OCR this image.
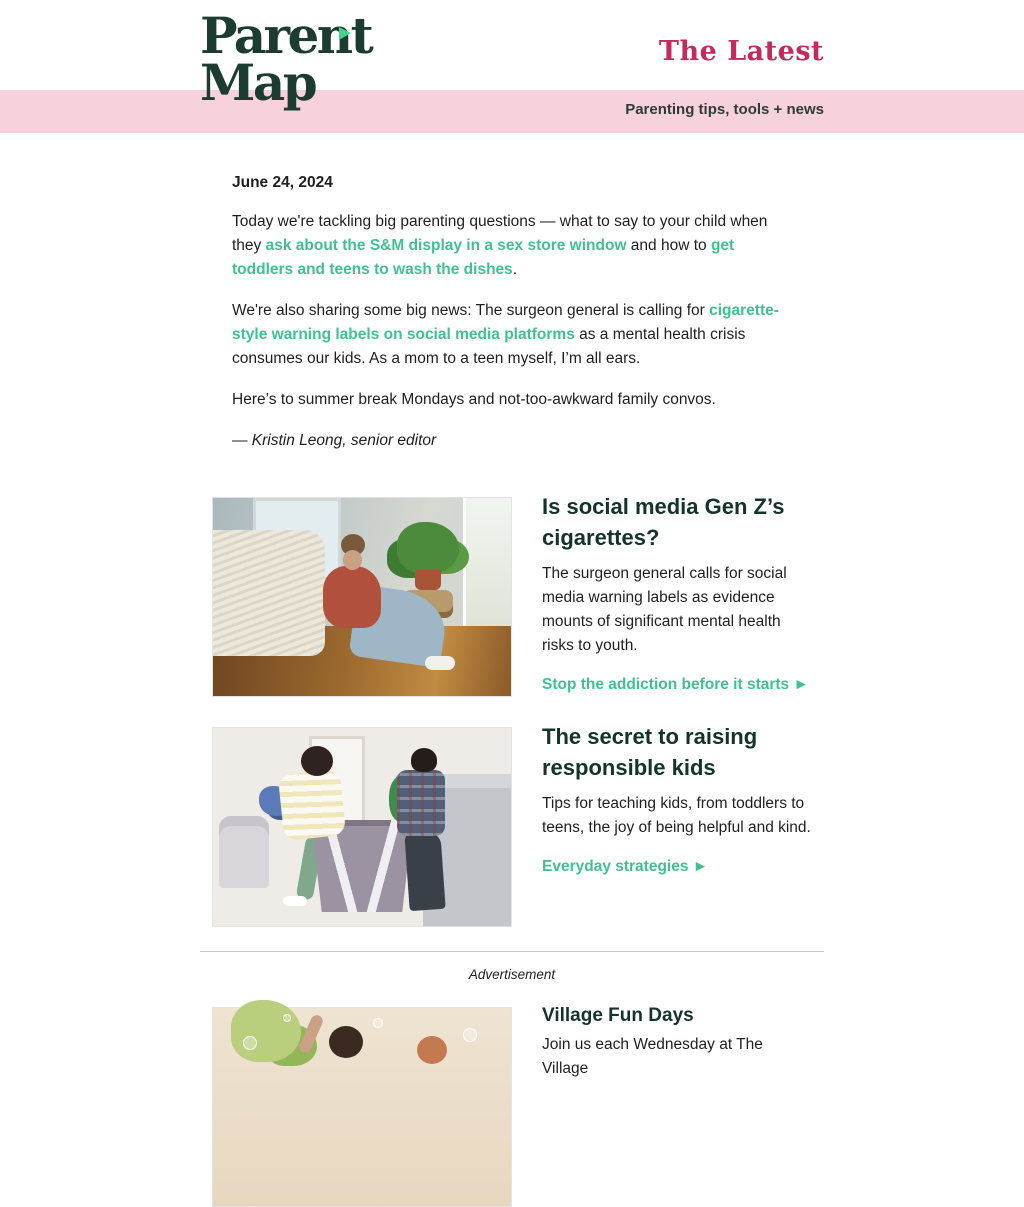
Parent
Map
The Latest
Parenting tips, tools + news

June 24, 2024

Today we're tackling big parenting questions — what to say to your child when they ask about the S&M display in a sex store window and how to get toddlers and teens to wash the dishes.

We're also sharing some big news: The surgeon general is calling for cigarette-style warning labels on social media platforms as a mental health crisis consumes our kids. As a mom to a teen myself, I’m all ears.

Here’s to summer break Mondays and not-too-awkward family convos.

— Kristin Leong, senior editor

Is social media Gen Z’s cigarettes?

The surgeon general calls for social media warning labels as evidence mounts of significant mental health risks to youth.

Stop the addiction before it starts ►
The secret to raising responsible kids

Tips for teaching kids, from toddlers to teens, the joy of being helpful and kind.

Everyday strategies ►

Advertisement

Village Fun Days

Join us each Wednesday at The Village
